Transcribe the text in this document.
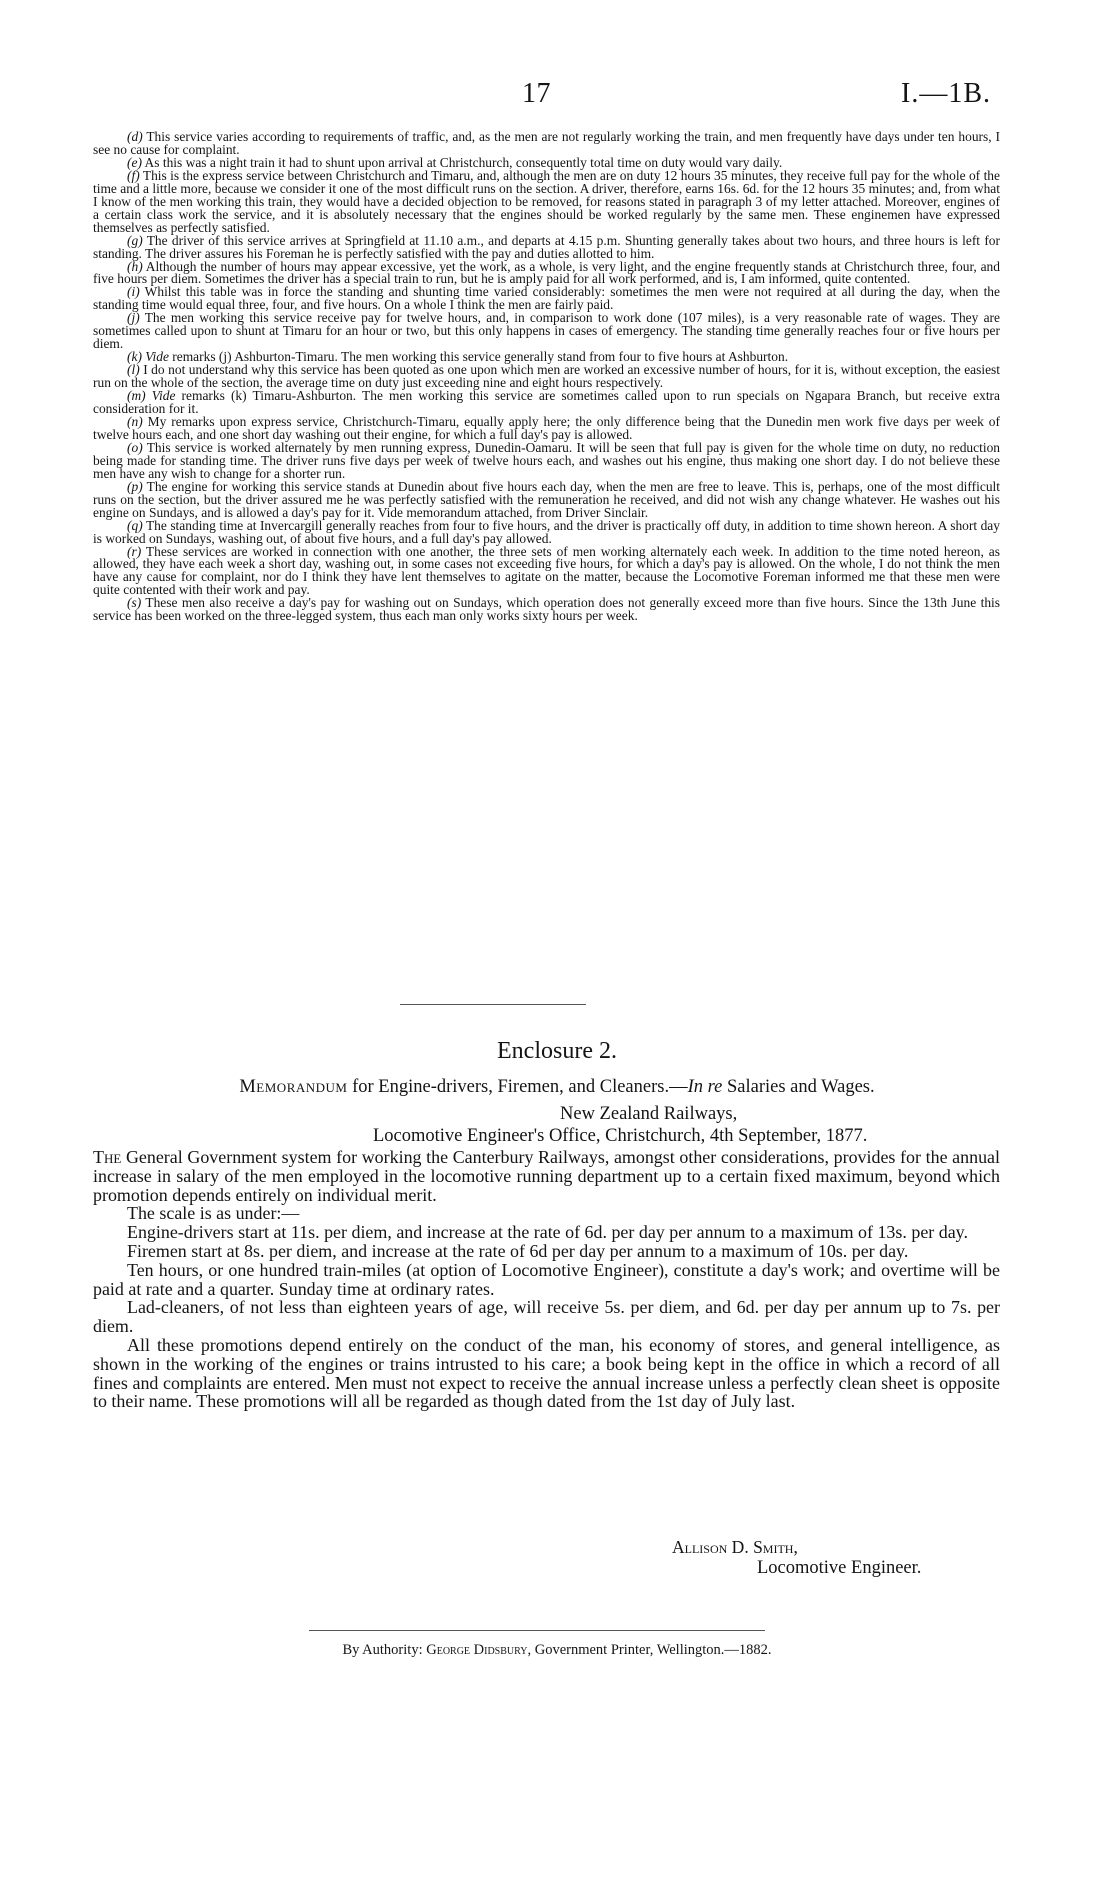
17	I.—1B.

(d) This service varies according to requirements of traffic, and, as the men are not regularly working the train, and men frequently have days under ten hours, I see no cause for complaint.

(e) As this was a night train it had to shunt upon arrival at Christchurch, consequently total time on duty would vary daily.

(f) This is the express service between Christchurch and Timaru, and, although the men are on duty 12 hours 35 minutes, they receive full pay for the whole of the time and a little more, because we consider it one of the most difficult runs on the section. A driver, therefore, earns 16s. 6d. for the 12 hours 35 minutes; and, from what I know of the men working this train, they would have a decided objection to be removed, for reasons stated in paragraph 3 of my letter attached. Moreover, engines of a certain class work the service, and it is absolutely necessary that the engines should be worked regularly by the same men. These enginemen have expressed themselves as perfectly satisfied.

(g) The driver of this service arrives at Springfield at 11.10 a.m., and departs at 4.15 p.m. Shunting generally takes about two hours, and three hours is left for standing. The driver assures his Foreman he is perfectly satisfied with the pay and duties allotted to him.

(h) Although the number of hours may appear excessive, yet the work, as a whole, is very light, and the engine frequently stands at Christchurch three, four, and five hours per diem. Sometimes the driver has a special train to run, but he is amply paid for all work performed, and is, I am informed, quite contented.

(i) Whilst this table was in force the standing and shunting time varied considerably: sometimes the men were not required at all during the day, when the standing time would equal three, four, and five hours. On a whole I think the men are fairly paid.

(j) The men working this service receive pay for twelve hours, and, in comparison to work done (107 miles), is a very reasonable rate of wages. They are sometimes called upon to shunt at Timaru for an hour or two, but this only happens in cases of emergency. The standing time generally reaches four or five hours per diem.

(k) Vide remarks (j) Ashburton-Timaru. The men working this service generally stand from four to five hours at Ashburton.

(l) I do not understand why this service has been quoted as one upon which men are worked an excessive number of hours, for it is, without exception, the easiest run on the whole of the section, the average time on duty just exceeding nine and eight hours respectively.

(m) Vide remarks (k) Timaru-Ashburton. The men working this service are sometimes called upon to run specials on Ngapara Branch, but receive extra consideration for it.

(n) My remarks upon express service, Christchurch-Timaru, equally apply here; the only difference being that the Dunedin men work five days per week of twelve hours each, and one short day washing out their engine, for which a full day's pay is allowed.

(o) This service is worked alternately by men running express, Dunedin-Oamaru. It will be seen that full pay is given for the whole time on duty, no reduction being made for standing time. The driver runs five days per week of twelve hours each, and washes out his engine, thus making one short day. I do not believe these men have any wish to change for a shorter run.

(p) The engine for working this service stands at Dunedin about five hours each day, when the men are free to leave. This is, perhaps, one of the most difficult runs on the section, but the driver assured me he was perfectly satisfied with the remuneration he received, and did not wish any change whatever. He washes out his engine on Sundays, and is allowed a day's pay for it. Vide memorandum attached, from Driver Sinclair.

(q) The standing time at Invercargill generally reaches from four to five hours, and the driver is practically off duty, in addition to time shown hereon. A short day is worked on Sundays, washing out, of about five hours, and a full day's pay allowed.

(r) These services are worked in connection with one another, the three sets of men working alternately each week. In addition to the time noted hereon, as allowed, they have each week a short day, washing out, in some cases not exceeding five hours, for which a day's pay is allowed. On the whole, I do not think the men have any cause for complaint, nor do I think they have lent themselves to agitate on the matter, because the Locomotive Foreman informed me that these men were quite contented with their work and pay.

(s) These men also receive a day's pay for washing out on Sundays, which operation does not generally exceed more than five hours. Since the 13th June this service has been worked on the three-legged system, thus each man only works sixty hours per week.

Enclosure 2.
Memorandum for Engine-drivers, Firemen, and Cleaners.—In re Salaries and Wages.
New Zealand Railways,
Locomotive Engineer's Office, Christchurch, 4th September, 1877.

The General Government system for working the Canterbury Railways, amongst other considerations, provides for the annual increase in salary of the men employed in the locomotive running department up to a certain fixed maximum, beyond which promotion depends entirely on individual merit.

The scale is as under:—

Engine-drivers start at 11s. per diem, and increase at the rate of 6d. per day per annum to a maximum of 13s. per day.

Firemen start at 8s. per diem, and increase at the rate of 6d per day per annum to a maximum of 10s. per day.

Ten hours, or one hundred train-miles (at option of Locomotive Engineer), constitute a day's work; and overtime will be paid at rate and a quarter. Sunday time at ordinary rates.

Lad-cleaners, of not less than eighteen years of age, will receive 5s. per diem, and 6d. per day per annum up to 7s. per diem.

All these promotions depend entirely on the conduct of the man, his economy of stores, and general intelligence, as shown in the working of the engines or trains intrusted to his care; a book being kept in the office in which a record of all fines and complaints are entered. Men must not expect to receive the annual increase unless a perfectly clean sheet is opposite to their name. These promotions will all be regarded as though dated from the 1st day of July last.

Allison D. Smith,
Locomotive Engineer.
By Authority: George Didsbury, Government Printer, Wellington.—1882.
